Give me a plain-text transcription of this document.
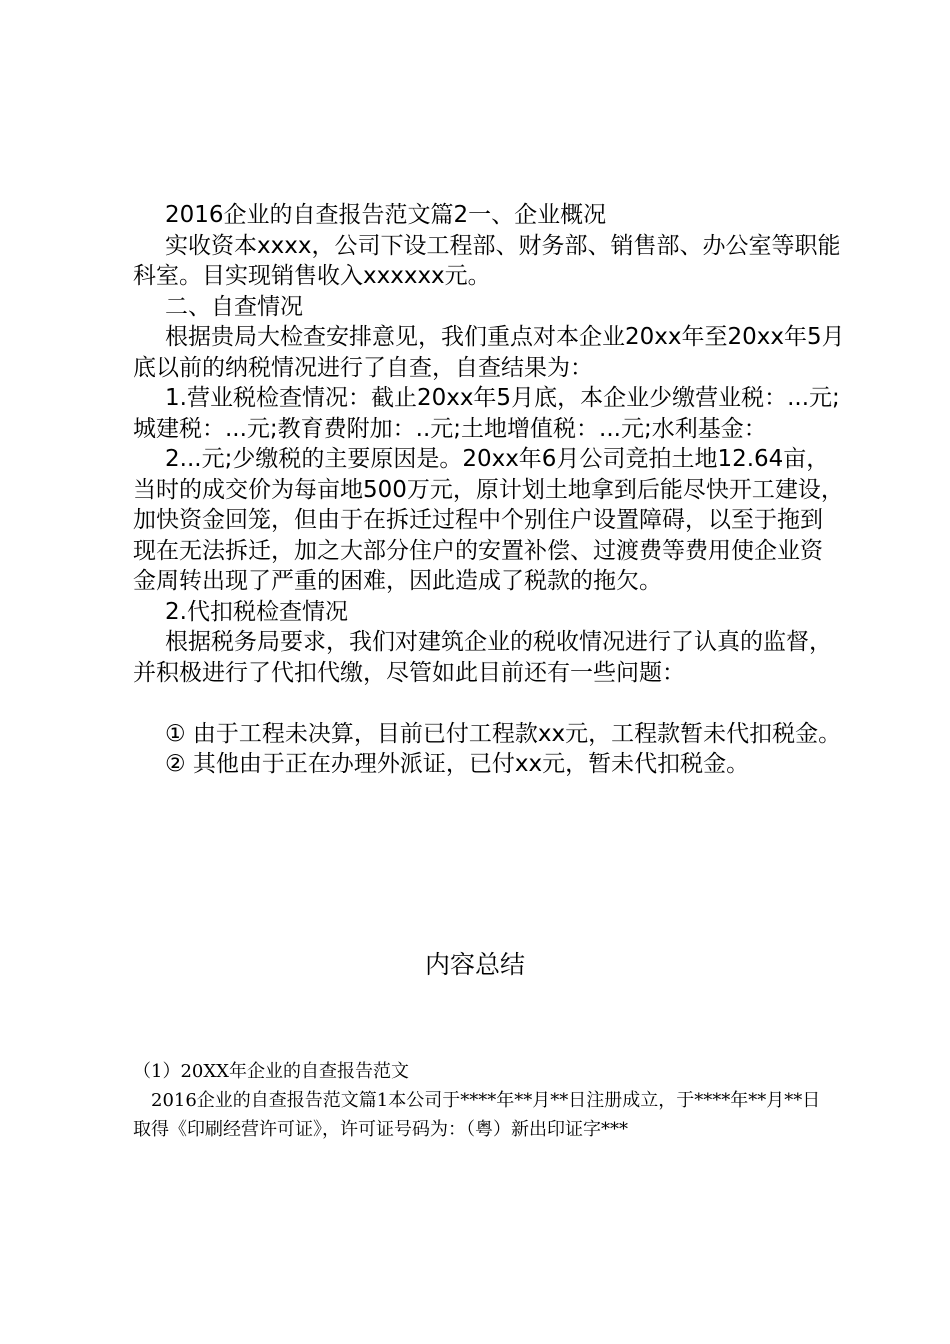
2016企业的自查报告范文篇2一、企业概况

实收资本xxxx，公司下设工程部、财务部、销售部、办公室等职能科室。目实现销售收入xxxxxx元。

二、自查情况

根据贵局大检查安排意见，我们重点对本企业20xx年至20xx年5月底以前的纳税情况进行了自查，自查结果为：

1.营业税检查情况：截止20xx年5月底，本企业少缴营业税：...元;城建税：...元;教育费附加：..元;土地增值税：...元;水利基金：

2...元;少缴税的主要原因是。20xx年6月公司竞拍土地12.64亩，当时的成交价为每亩地500万元，原计划土地拿到后能尽快开工建设，加快资金回笼，但由于在拆迁过程中个别住户设置障碍，以至于拖到现在无法拆迁，加之大部分住户的安置补偿、过渡费等费用使企业资金周转出现了严重的困难，因此造成了税款的拖欠。

2.代扣税检查情况

根据税务局要求，我们对建筑企业的税收情况进行了认真的监督，并积极进行了代扣代缴，尽管如此目前还有一些问题：

① 由于工程未决算，目前已付工程款xx元，工程款暂未代扣税金。

② 其他由于正在办理外派证，已付xx元，暂未代扣税金。

内容总结

（1）20XX年企业的自查报告范文

2016企业的自查报告范文篇1本公司于****年**月**日注册成立，于****年**月**日取得《印刷经营许可证》，许可证号码为：（粤）新出印证字***
